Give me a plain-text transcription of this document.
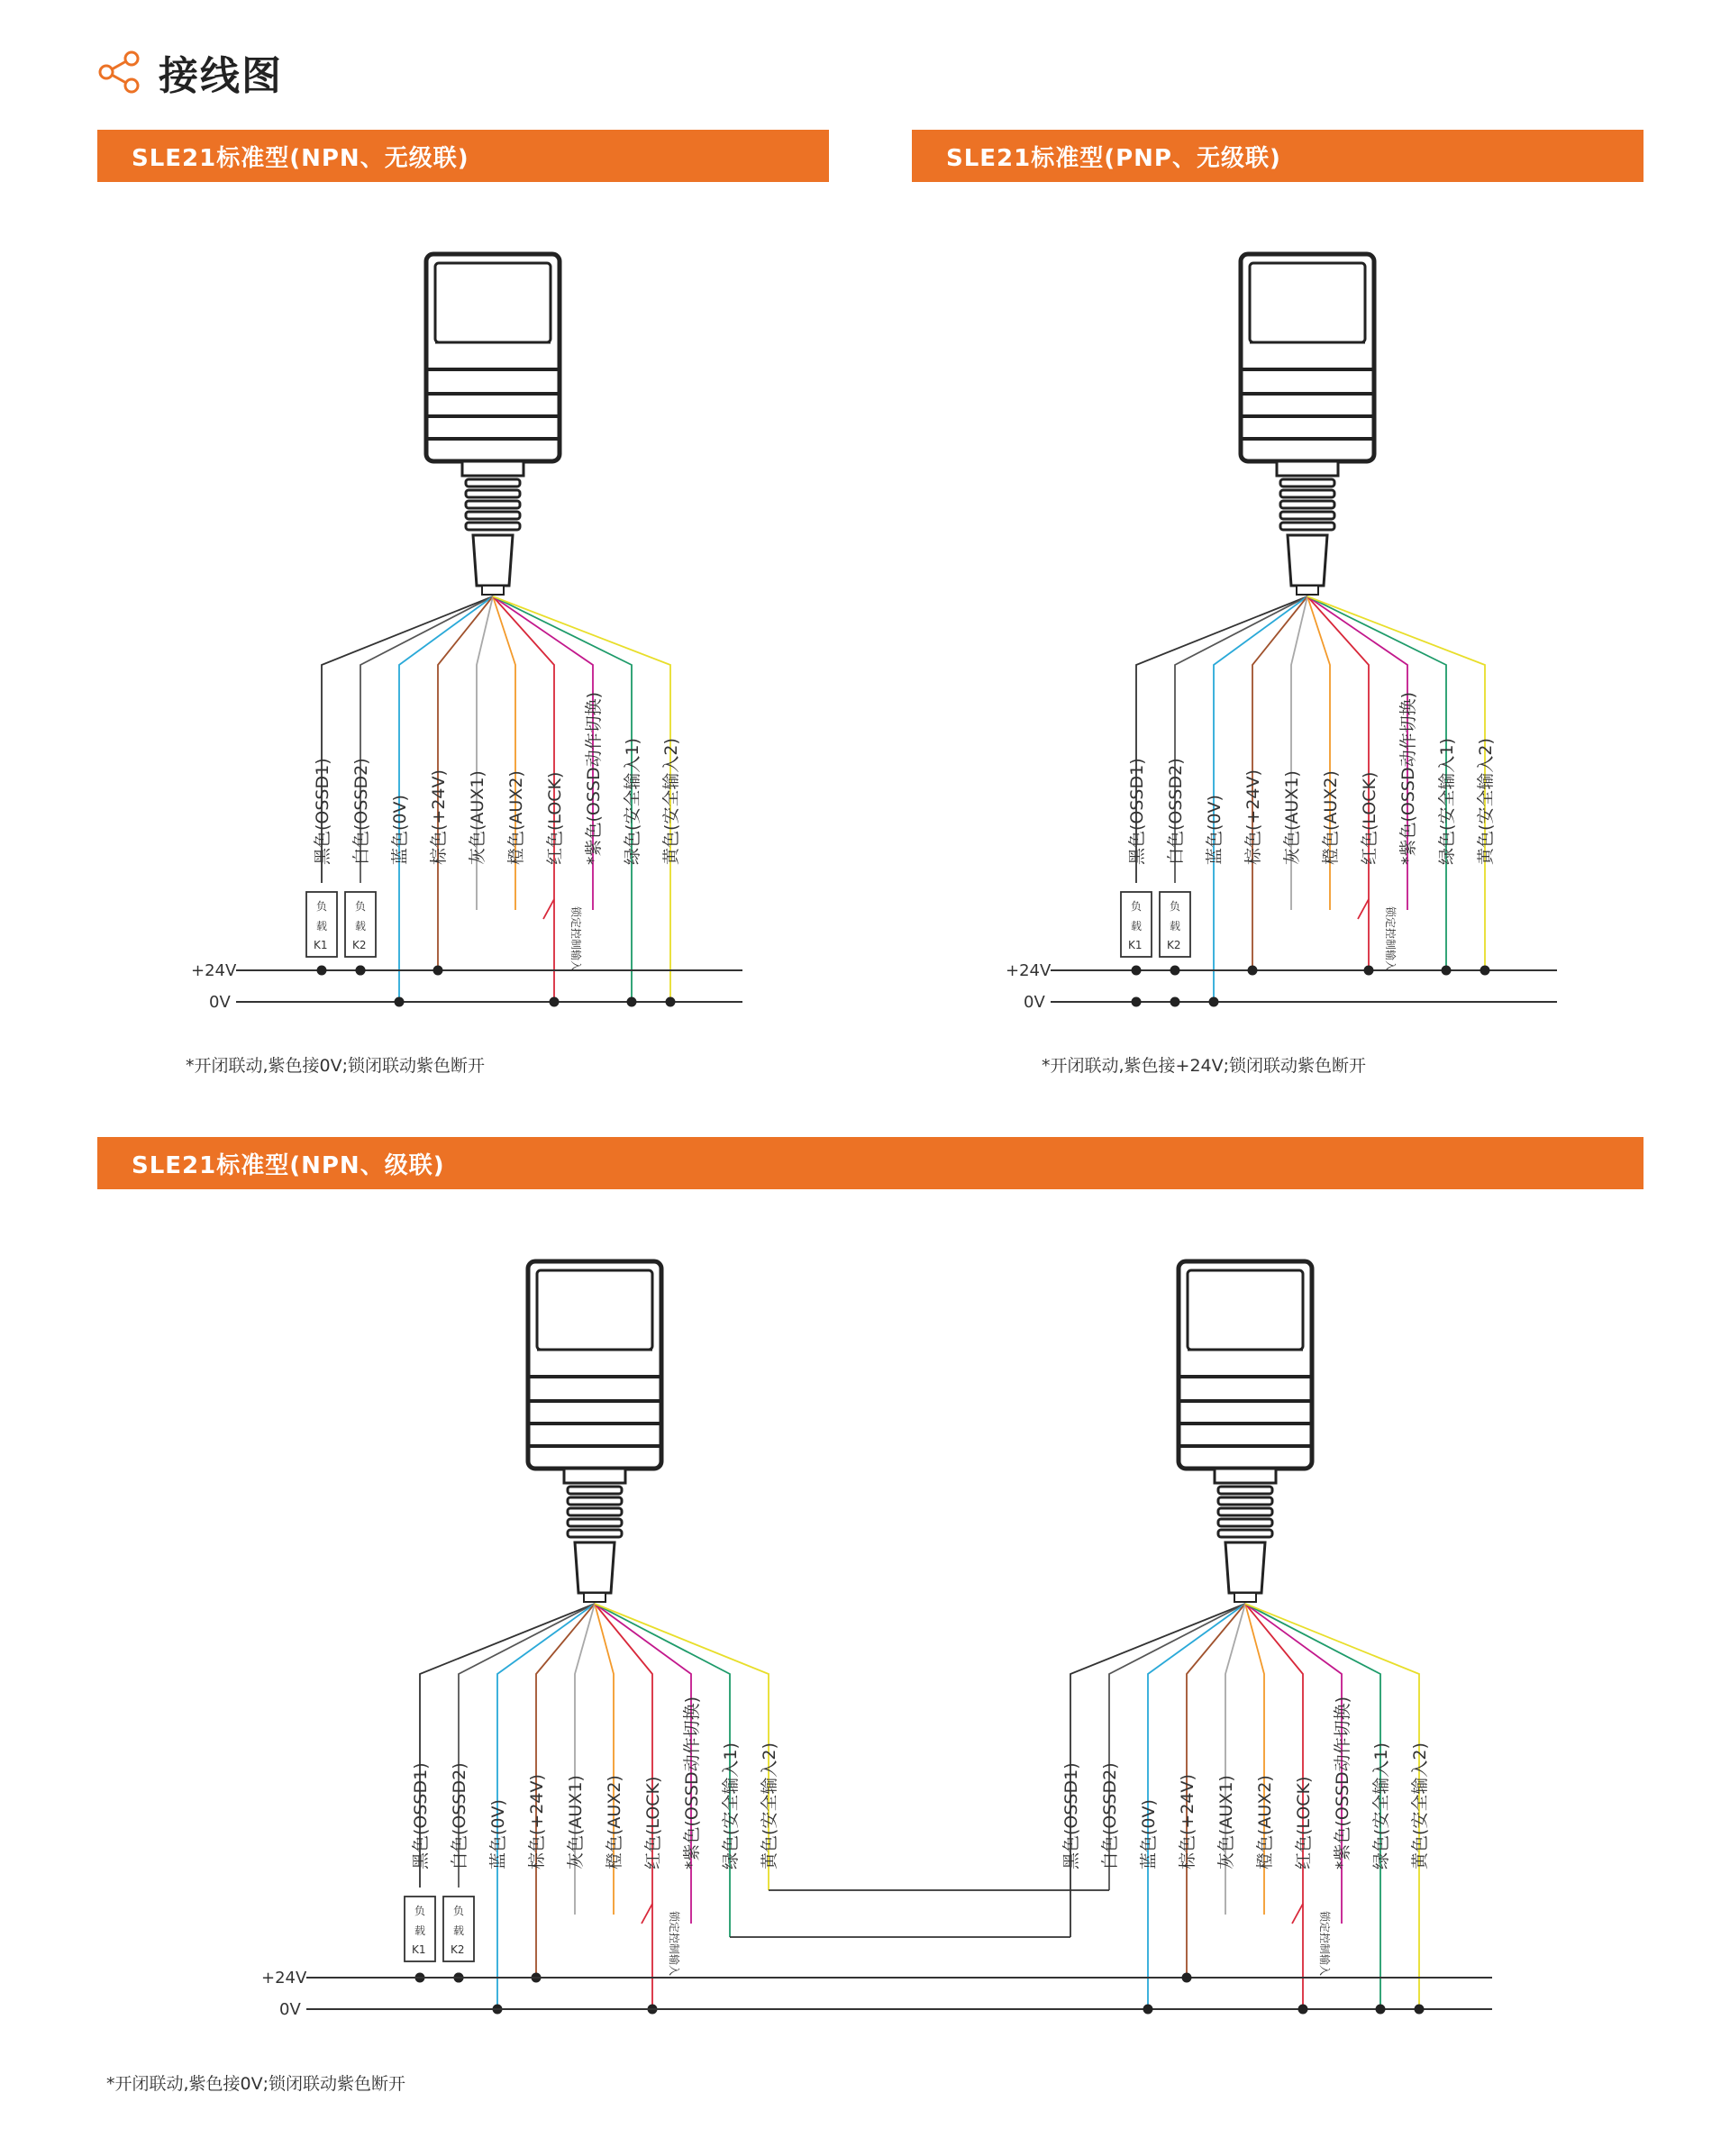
接线图
SLE21标准型(NPN、无级联)	SLE21标准型(PNP、无级联)
SLE21标准型(NPN、级联)
*开闭联动,紫色接0V;锁闭联动紫色断开	*开闭联动,紫色接+24V;锁闭联动紫色断开
*开闭联动,紫色接0V;锁闭联动紫色断开
黑色(OSSD1) 白色(OSSD2) 蓝色(0V) 棕色(+24V) 灰色(AUX1) 橙色(AUX2) 红色(LOCK) *紫色(OSSD动作切换) 绿色(安全输入1) 黄色(安全输入2)
+24V
0V
负
载
K1
负
载
K2	锁定控制输入
黑色(OSSD1) 白色(OSSD2) 蓝色(0V) 棕色(+24V) 灰色(AUX1) 橙色(AUX2) 红色(LOCK) *紫色(OSSD动作切换) 绿色(安全输入1) 黄色(安全输入2)
+24V
0V
负
载
K1
负
载
K2	锁定控制输入
黑色(OSSD1) 白色(OSSD2) 蓝色(0V) 棕色(+24V) 灰色(AUX1) 橙色(AUX2) 红色(LOCK) *紫色(OSSD动作切换) 绿色(安全输入1) 黄色(安全输入2)
+24V
0V
负
载
K1
负
载
K2	锁定控制输入
黑色(OSSD1) 白色(OSSD2) 蓝色(0V) 棕色(+24V) 灰色(AUX1) 橙色(AUX2) 红色(LOCK) *紫色(OSSD动作切换) 绿色(安全输入1) 黄色(安全输入2)
锁定控制输入
